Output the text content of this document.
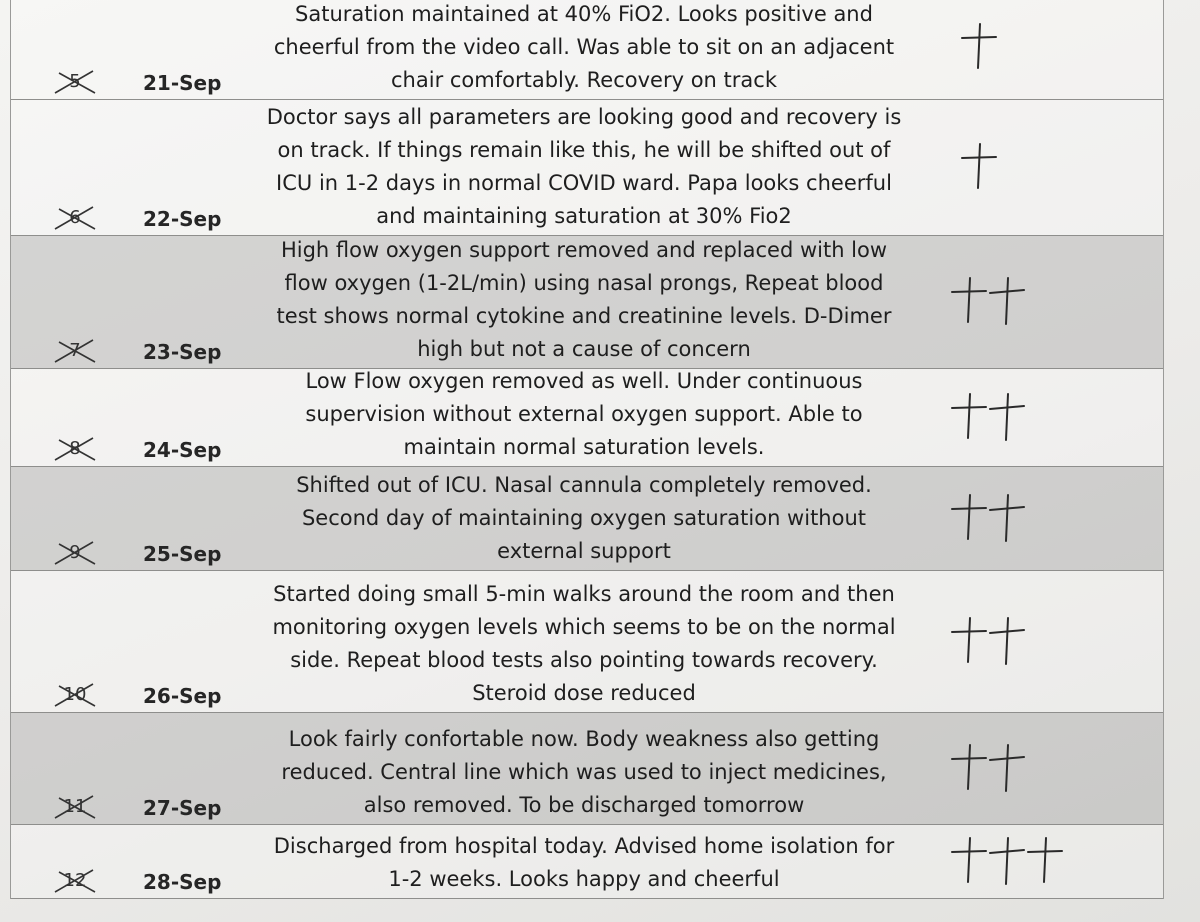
5	21-Sep

Saturation maintained at 40% FiO2. Looks positive and
cheerful from the video call. Was able to sit on an adjacent
chair comfortably. Recovery on track

6	22-Sep

Doctor says all parameters are looking good and recovery is
on track. If things remain like this, he will be shifted out of
ICU in 1-2 days in normal COVID ward. Papa looks cheerful
and maintaining saturation at 30% Fio2

7	23-Sep

High flow oxygen support removed and replaced with low
flow oxygen (1-2L/min) using nasal prongs, Repeat blood
test shows normal cytokine and creatinine levels. D-Dimer
high but not a cause of concern

8	24-Sep

Low Flow oxygen removed as well. Under continuous
supervision without external oxygen support. Able to
maintain normal saturation levels.

9	25-Sep

Shifted out of ICU. Nasal cannula completely removed.
Second day of maintaining oxygen saturation without
external support

10	26-Sep

Started doing small 5-min walks around the room and then
monitoring oxygen levels which seems to be on the normal
side. Repeat blood tests also pointing towards recovery.
Steroid dose reduced

11	27-Sep

Look fairly confortable now. Body weakness also getting
reduced. Central line which was used to inject medicines,
also removed. To be discharged tomorrow

12	28-Sep

Discharged from hospital today. Advised home isolation for
1-2 weeks. Looks happy and cheerful
